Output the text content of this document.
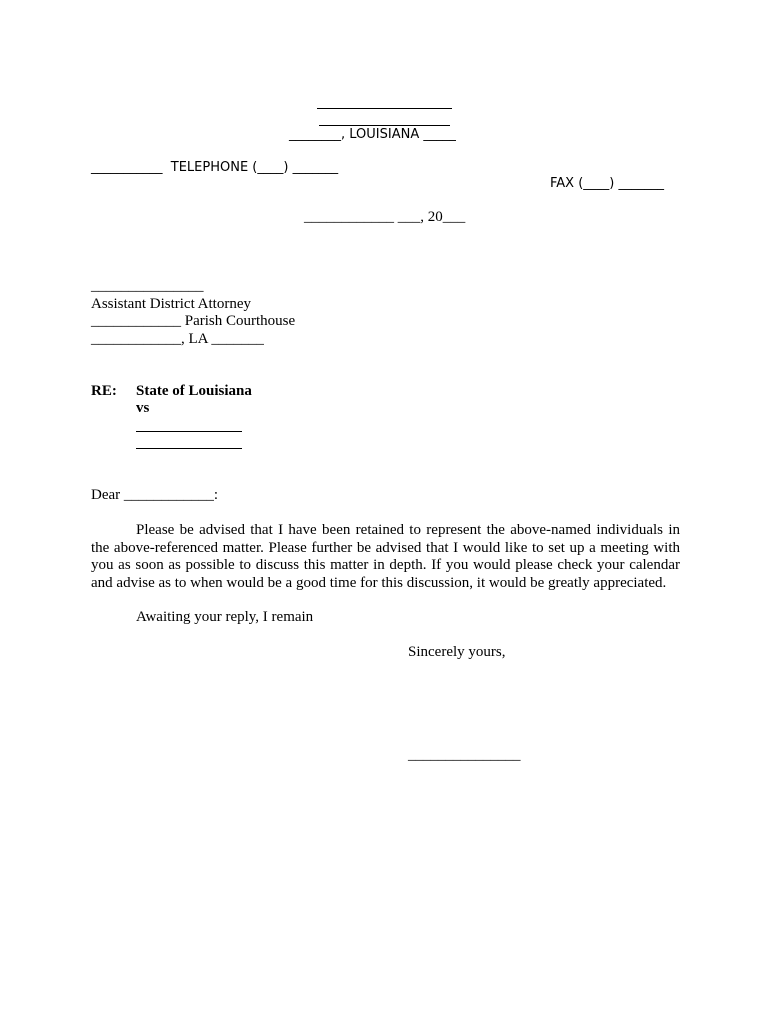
________, LOUISIANA _____
___________  TELEPHONE (____) _______
FAX (____) _______
____________ ___, 20___
_______________
Assistant District Attorney
____________ Parish Courthouse
____________, LA _______
RE: State of Louisiana
vs
Dear ____________:
Please be advised that I have been retained to represent the above-named individuals in the above-referenced matter. Please further be advised that I would like to set up a meeting with you as soon as possible to discuss this matter in depth. If you would please check your calendar and advise as to when would be a good time for this discussion, it would be greatly appreciated.
Awaiting your reply, I remain
Sincerely yours,
_______________
